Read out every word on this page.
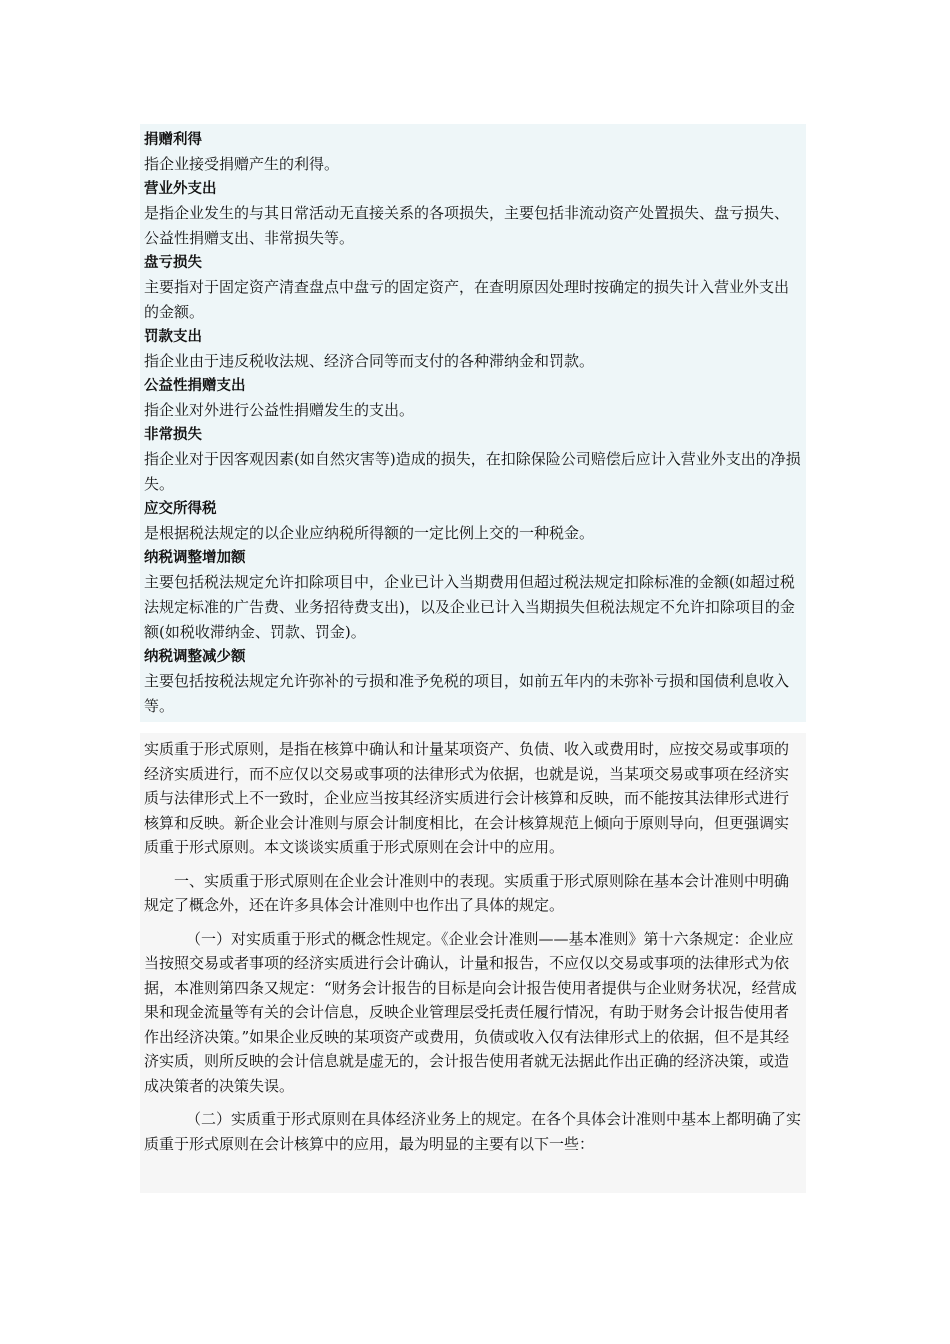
捐赠利得
指企业接受捐赠产生的利得。
营业外支出
是指企业发生的与其日常活动无直接关系的各项损失，主要包括非流动资产处置损失、盘亏损失、公益性捐赠支出、非常损失等。
盘亏损失
主要指对于固定资产清查盘点中盘亏的固定资产，在查明原因处理时按确定的损失计入营业外支出的金额。
罚款支出
指企业由于违反税收法规、经济合同等而支付的各种滞纳金和罚款。
公益性捐赠支出
指企业对外进行公益性捐赠发生的支出。
非常损失
指企业对于因客观因素(如自然灾害等)造成的损失，在扣除保险公司赔偿后应计入营业外支出的净损失。
应交所得税
是根据税法规定的以企业应纳税所得额的一定比例上交的一种税金。
纳税调整增加额
主要包括税法规定允许扣除项目中，企业已计入当期费用但超过税法规定扣除标准的金额(如超过税法规定标准的广告费、业务招待费支出)，以及企业已计入当期损失但税法规定不允许扣除项目的金额(如税收滞纳金、罚款、罚金)。
纳税调整减少额
主要包括按税法规定允许弥补的亏损和准予免税的项目，如前五年内的未弥补亏损和国债利息收入等。

实质重于形式原则，是指在核算中确认和计量某项资产、负债、收入或费用时，应按交易或事项的经济实质进行，而不应仅以交易或事项的法律形式为依据，也就是说，当某项交易或事项在经济实质与法律形式上不一致时，企业应当按其经济实质进行会计核算和反映，而不能按其法律形式进行核算和反映。新企业会计准则与原会计制度相比，在会计核算规范上倾向于原则导向，但更强调实质重于形式原则。本文谈谈实质重于形式原则在会计中的应用。

一、实质重于形式原则在企业会计准则中的表现。实质重于形式原则除在基本会计准则中明确规定了概念外，还在许多具体会计准则中也作出了具体的规定。

（一）对实质重于形式的概念性规定。《企业会计准则——基本准则》第十六条规定：企业应当按照交易或者事项的经济实质进行会计确认，计量和报告，不应仅以交易或事项的法律形式为依据，本准则第四条又规定：“财务会计报告的目标是向会计报告使用者提供与企业财务状况，经营成果和现金流量等有关的会计信息，反映企业管理层受托责任履行情况，有助于财务会计报告使用者作出经济决策。”如果企业反映的某项资产或费用，负债或收入仅有法律形式上的依据，但不是其经济实质，则所反映的会计信息就是虚无的，会计报告使用者就无法据此作出正确的经济决策，或造成决策者的决策失误。

（二）实质重于形式原则在具体经济业务上的规定。在各个具体会计准则中基本上都明确了实质重于形式原则在会计核算中的应用，最为明显的主要有以下一些：
